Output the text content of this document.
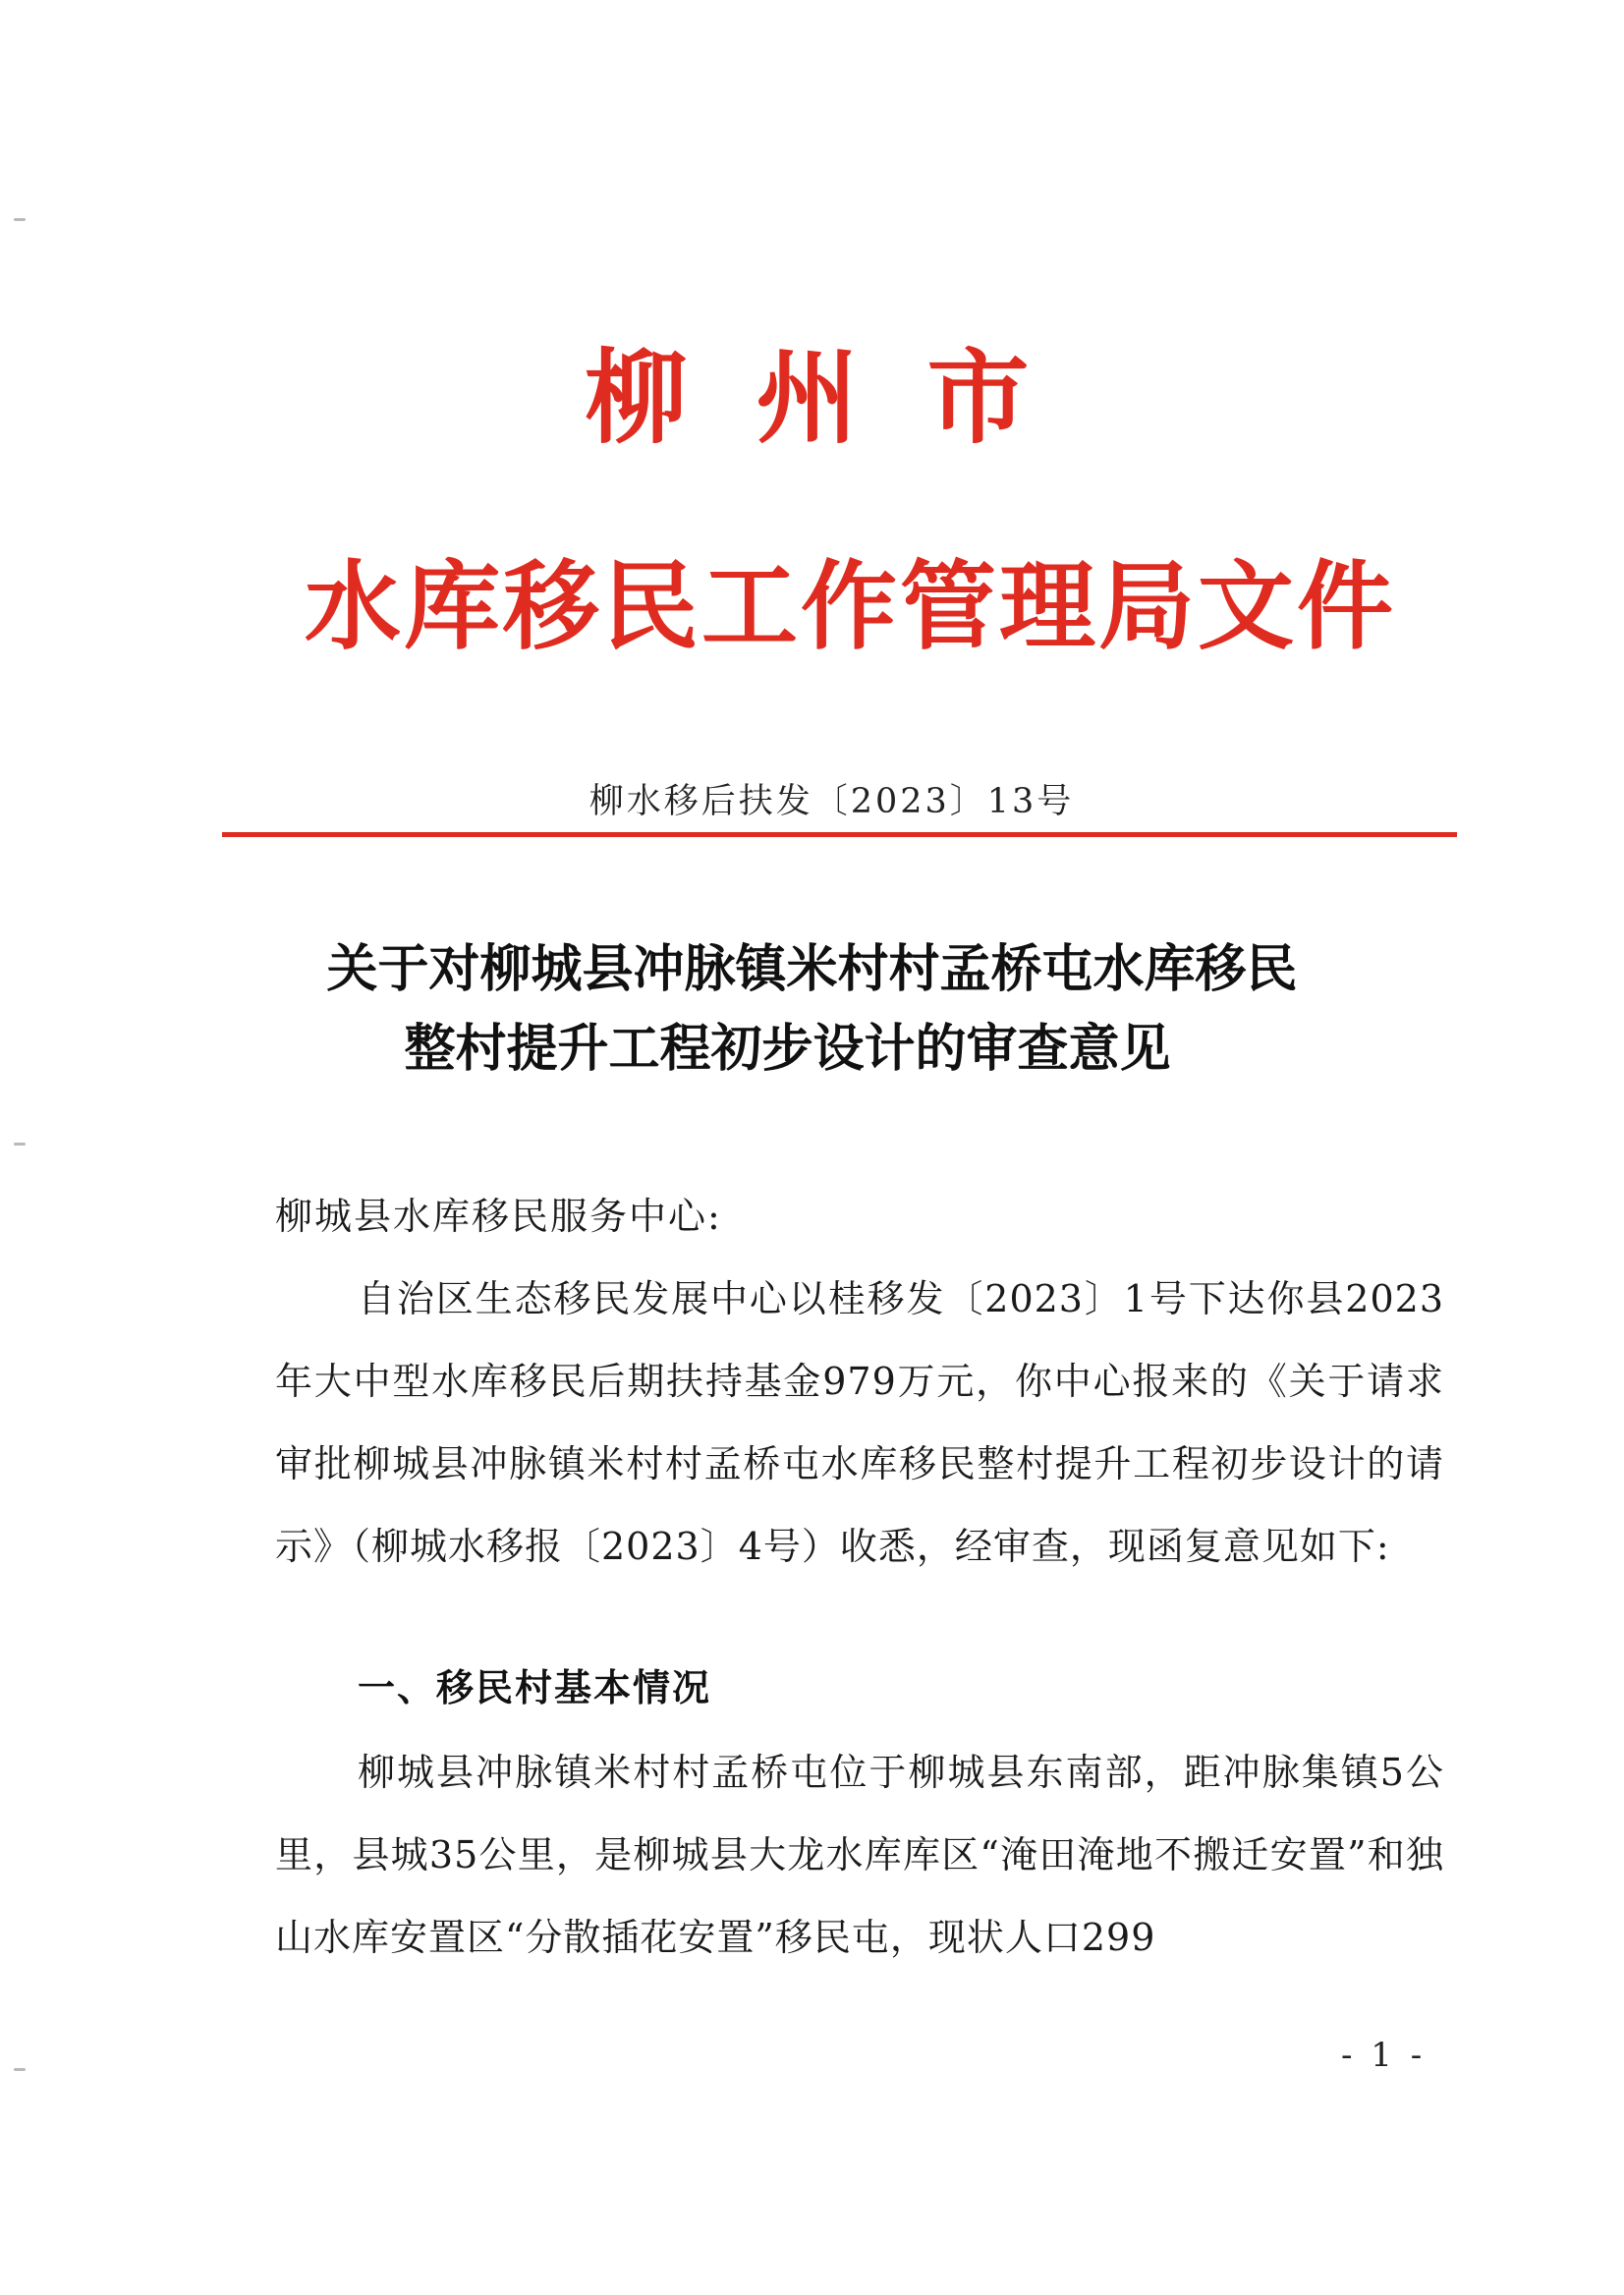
柳州市
水库移民工作管理局文件
柳水移后扶发〔2023〕13号
关于对柳城县冲脉镇米村村孟桥屯水库移民
整村提升工程初步设计的审查意见
柳城县水库移民服务中心:

自治区生态移民发展中心以桂移发〔2023〕1号下达你县2023年大中型水库移民后期扶持基金979万元，你中心报来的《关于请求审批柳城县冲脉镇米村村孟桥屯水库移民整村提升工程初步设计的请示》（柳城水移报〔2023〕4号）收悉，经审查，现函复意见如下:

一、移民村基本情况

柳城县冲脉镇米村村孟桥屯位于柳城县东南部，距冲脉集镇5公里，县城35公里，是柳城县大龙水库库区“淹田淹地不搬迁安置”和独山水库安置区“分散插花安置”移民屯，现状人口299

- 1 -
